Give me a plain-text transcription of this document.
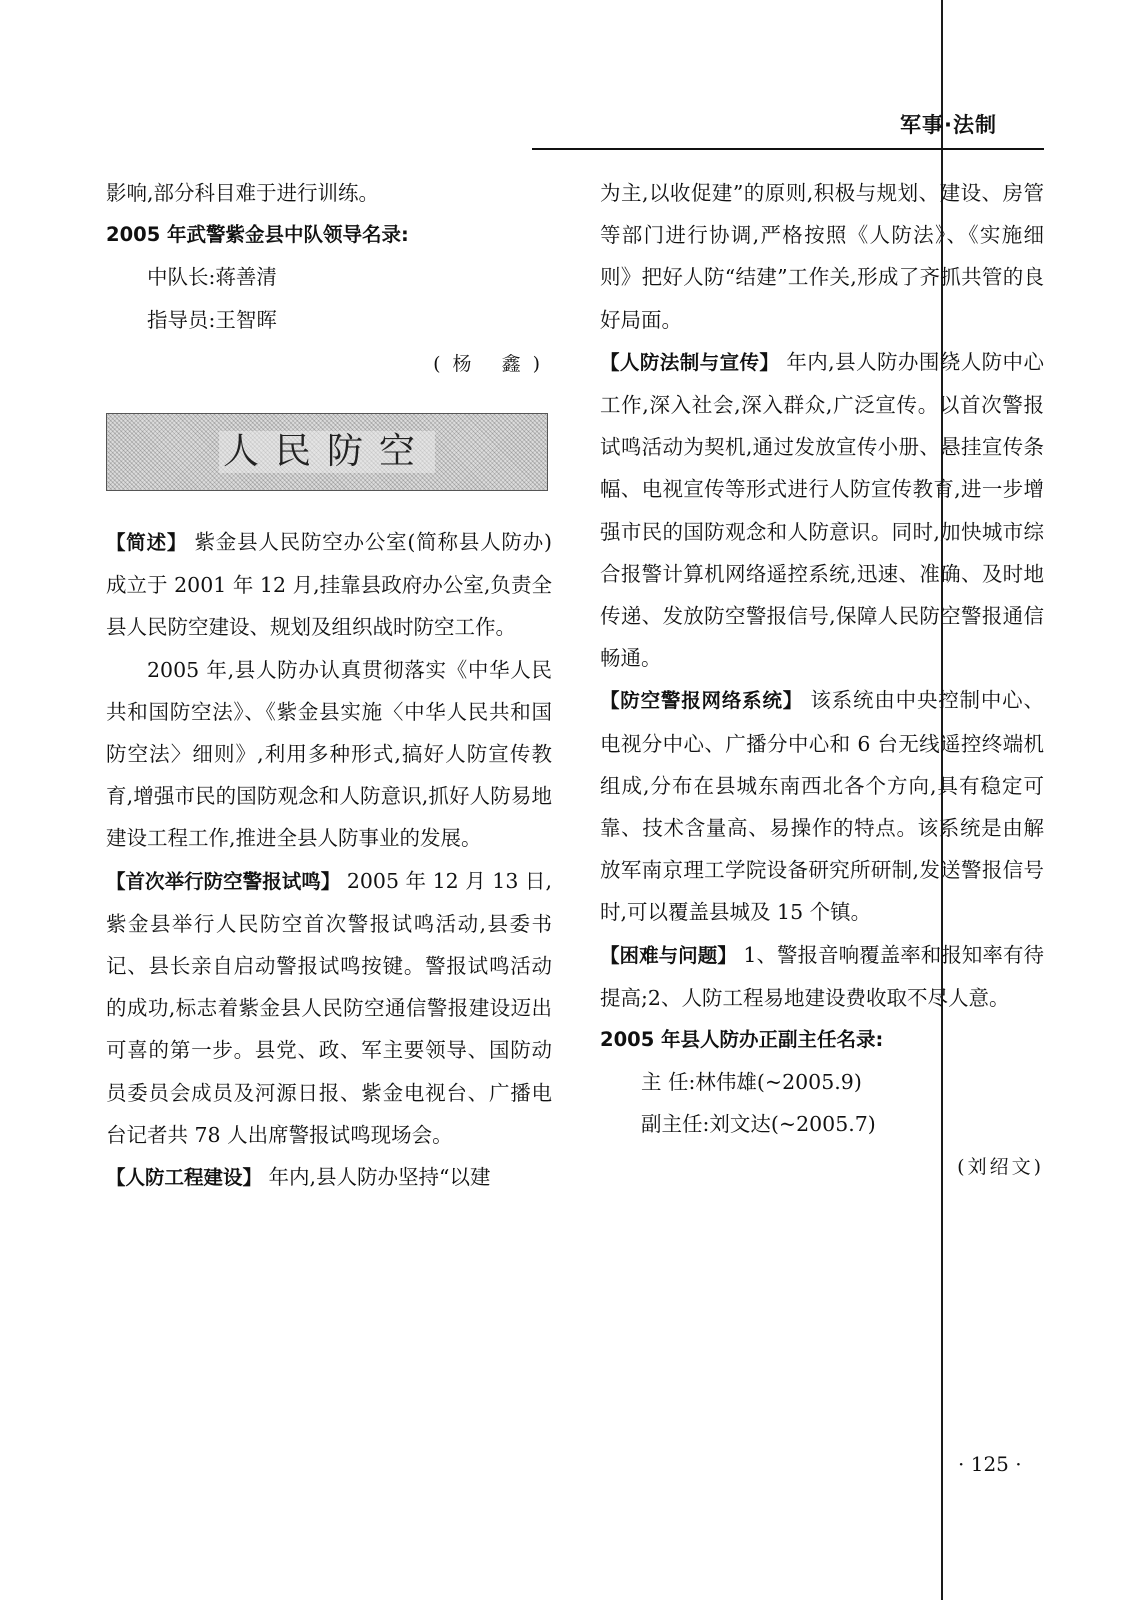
军事·法制

影响,部分科目难于进行训练。

2005 年武警紫金县中队领导名录:

中队长:蒋善清

指导员:王智晖

(杨 鑫)

人民防空

【简述】 紫金县人民防空办公室(简称县人防办)成立于 2001 年 12 月,挂靠县政府办公室,负责全县人民防空建设、规划及组织战时防空工作。

2005 年,县人防办认真贯彻落实《中华人民共和国防空法》、《紫金县实施〈中华人民共和国防空法〉细则》,利用多种形式,搞好人防宣传教育,增强市民的国防观念和人防意识,抓好人防易地建设工程工作,推进全县人防事业的发展。

【首次举行防空警报试鸣】 2005 年 12 月 13 日,紫金县举行人民防空首次警报试鸣活动,县委书记、县长亲自启动警报试鸣按键。警报试鸣活动的成功,标志着紫金县人民防空通信警报建设迈出可喜的第一步。县党、政、军主要领导、国防动员委员会成员及河源日报、紫金电视台、广播电台记者共 78 人出席警报试鸣现场会。

【人防工程建设】 年内,县人防办坚持“以建

为主,以收促建”的原则,积极与规划、建设、房管等部门进行协调,严格按照《人防法》、《实施细则》把好人防“结建”工作关,形成了齐抓共管的良好局面。

【人防法制与宣传】 年内,县人防办围绕人防中心工作,深入社会,深入群众,广泛宣传。以首次警报试鸣活动为契机,通过发放宣传小册、悬挂宣传条幅、电视宣传等形式进行人防宣传教育,进一步增强市民的国防观念和人防意识。同时,加快城市综合报警计算机网络遥控系统,迅速、准确、及时地传递、发放防空警报信号,保障人民防空警报通信畅通。

【防空警报网络系统】 该系统由中央控制中心、电视分中心、广播分中心和 6 台无线遥控终端机组成,分布在县城东南西北各个方向,具有稳定可靠、技术含量高、易操作的特点。该系统是由解放军南京理工学院设备研究所研制,发送警报信号时,可以覆盖县城及 15 个镇。

【困难与问题】 1、警报音响覆盖率和报知率有待提高;2、人防工程易地建设费收取不尽人意。

2005 年县人防办正副主任名录:

主 任:林伟雄(~2005.9)

副主任:刘文达(~2005.7)

(刘绍文)

· 125 ·
